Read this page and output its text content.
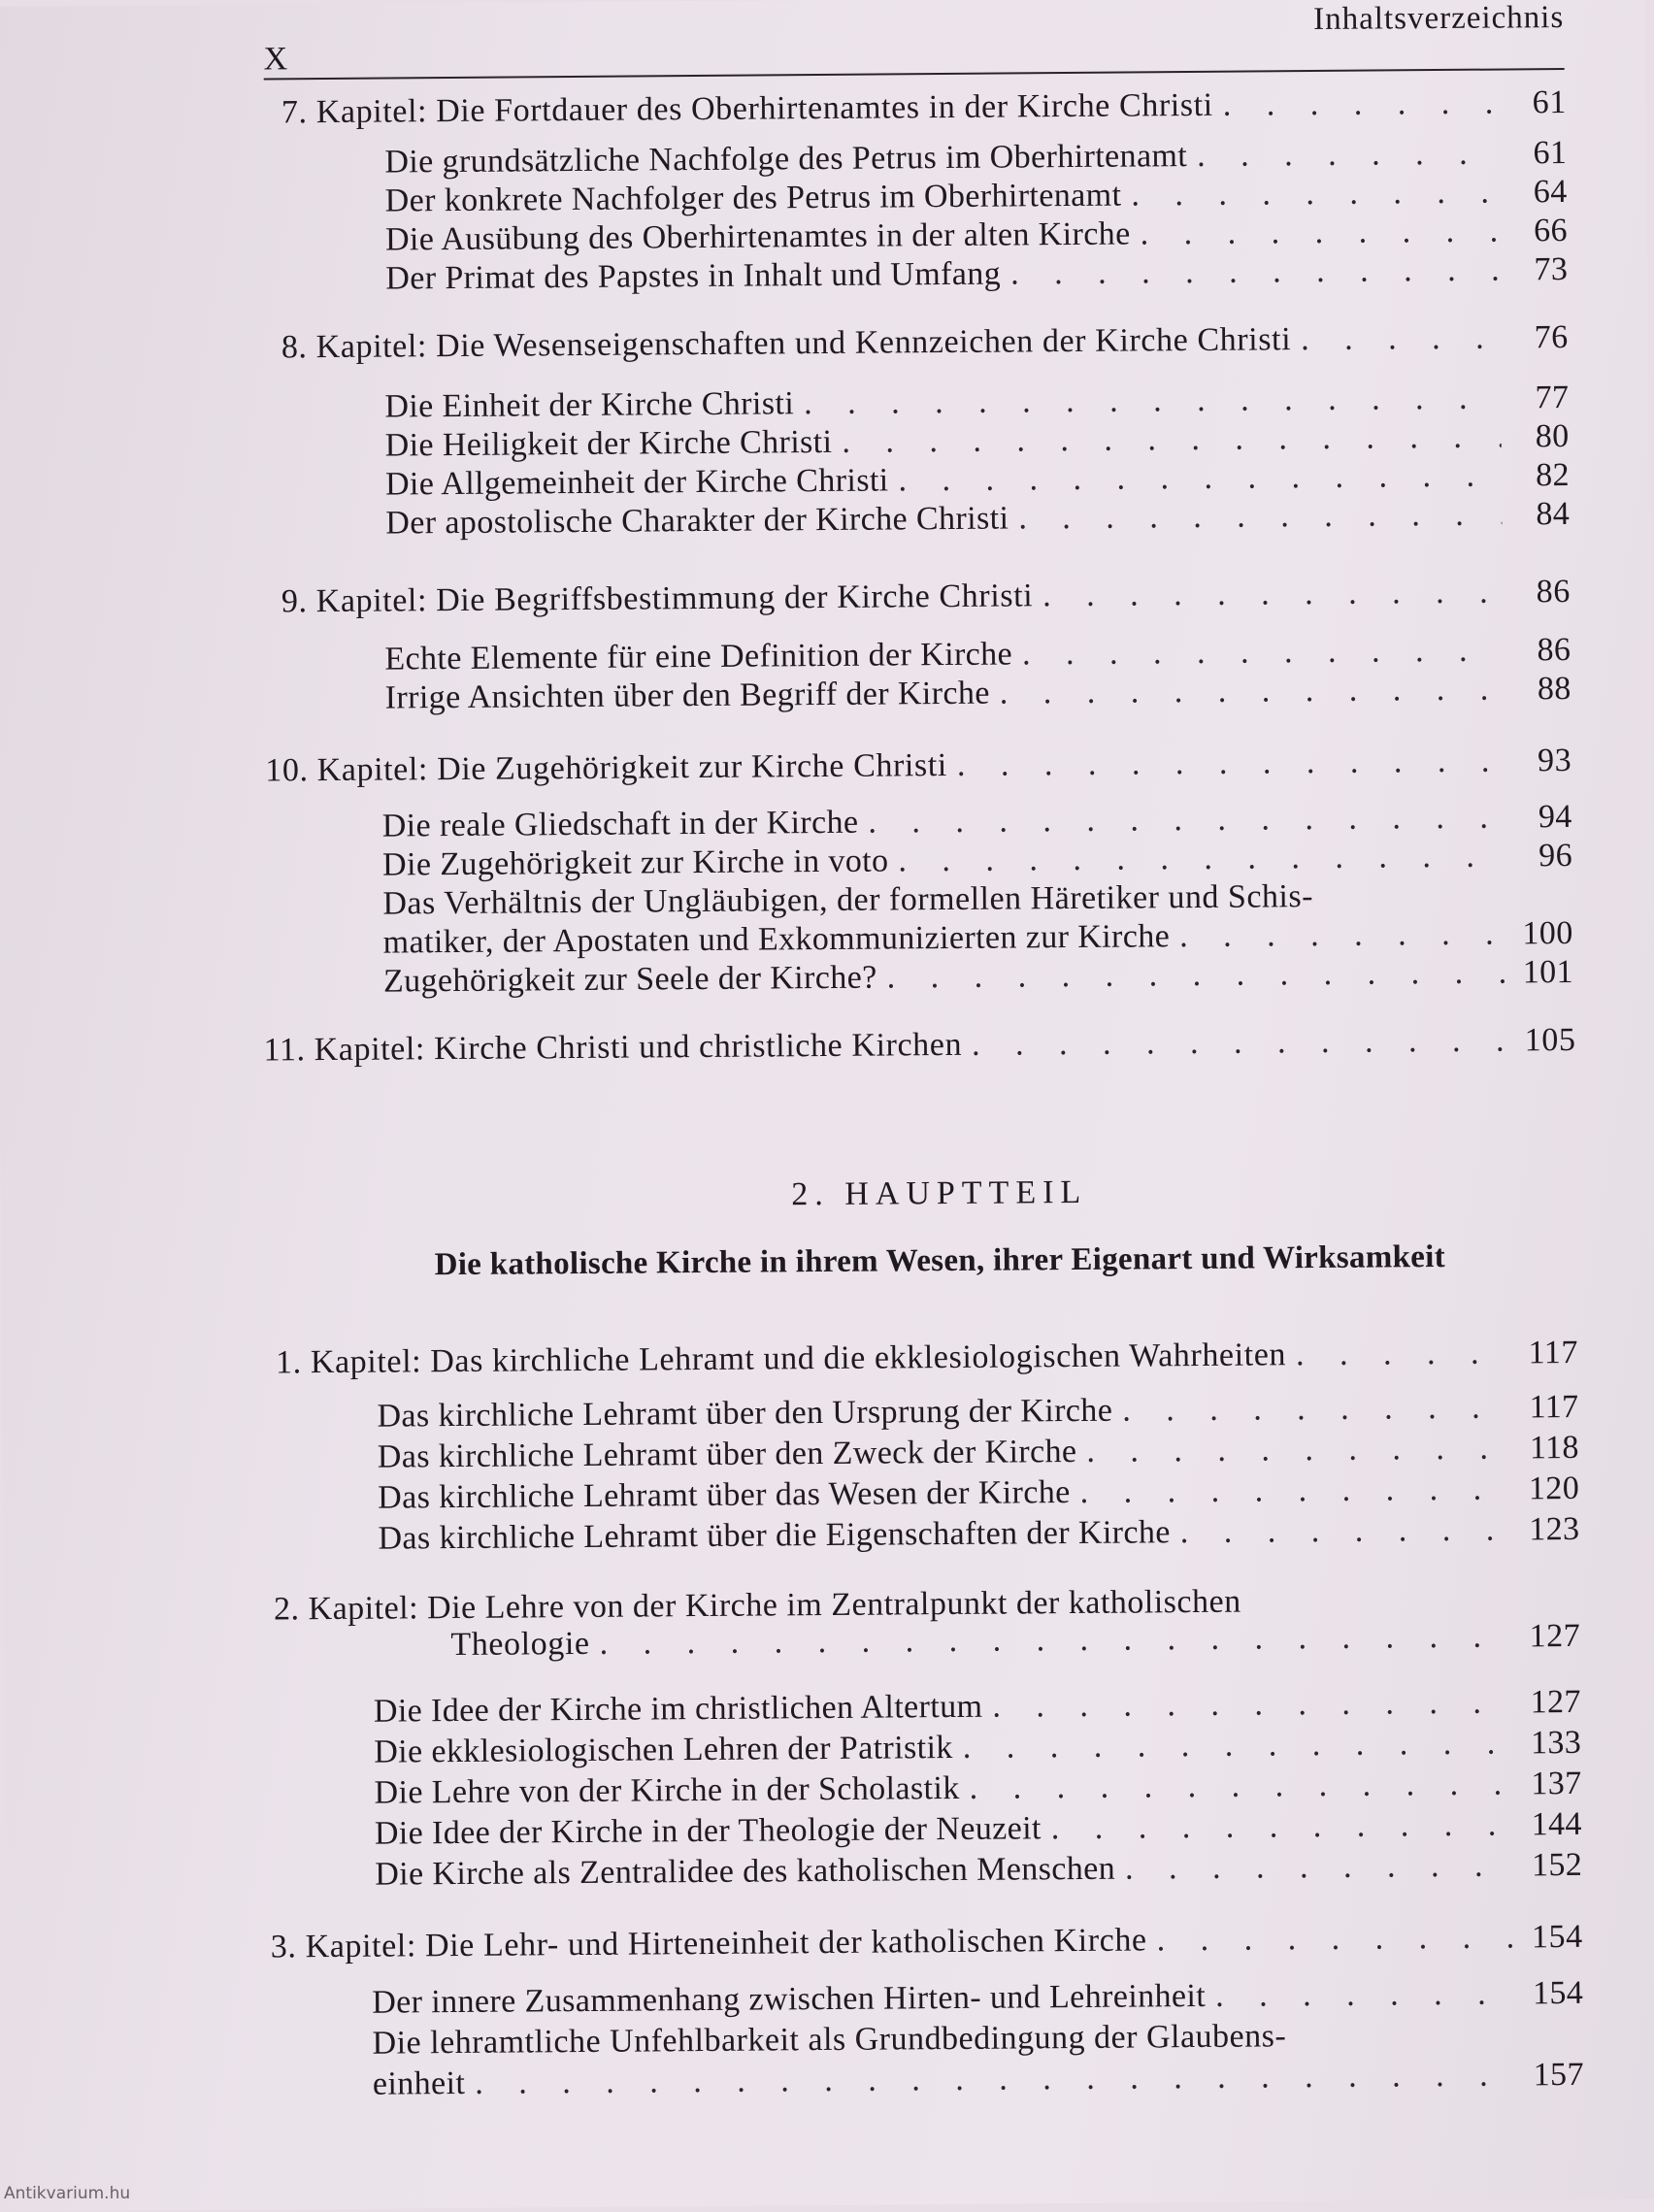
X
Inhaltsverzeichnis
7. Kapitel: Die Fortdauer des Oberhirtenamtes in der Kirche Christi . . .	61
Die grundsätzliche Nachfolge des Petrus im Oberhirtenamt . . .	61
Der konkrete Nachfolger des Petrus im Oberhirtenamt . . .	64
Die Ausübung des Oberhirtenamtes in der alten Kirche . . .	66
Der Primat des Papstes in Inhalt und Umfang . . .	73
8. Kapitel: Die Wesenseigenschaften und Kennzeichen der Kirche Christi . . .	76
Die Einheit der Kirche Christi . . .	77
Die Heiligkeit der Kirche Christi . . .	80
Die Allgemeinheit der Kirche Christi . . .	82
Der apostolische Charakter der Kirche Christi . . .	84
9. Kapitel: Die Begriffsbestimmung der Kirche Christi . . .	86
Echte Elemente für eine Definition der Kirche . . .	86
Irrige Ansichten über den Begriff der Kirche . . .	88
10. Kapitel: Die Zugehörigkeit zur Kirche Christi . . .	93
Die reale Gliedschaft in der Kirche . . .	94
Die Zugehörigkeit zur Kirche in voto . . .	96
Das Verhältnis der Ungläubigen, der formellen Häretiker und Schis-
matiker, der Apostaten und Exkommunizierten zur Kirche . . .	100
Zugehörigkeit zur Seele der Kirche? . . .	101
11. Kapitel: Kirche Christi und christliche Kirchen . . .	105
2. HAUPTTEIL
Die katholische Kirche in ihrem Wesen, ihrer Eigenart und Wirksamkeit
1. Kapitel: Das kirchliche Lehramt und die ekklesiologischen Wahrheiten . . .	117
Das kirchliche Lehramt über den Ursprung der Kirche . . .	117
Das kirchliche Lehramt über den Zweck der Kirche . . .	118
Das kirchliche Lehramt über das Wesen der Kirche . . .	120
Das kirchliche Lehramt über die Eigenschaften der Kirche . . .	123
2. Kapitel: Die Lehre von der Kirche im Zentralpunkt der katholischen
Theologie . . .	127
Die Idee der Kirche im christlichen Altertum . . .	127
Die ekklesiologischen Lehren der Patristik . . .	133
Die Lehre von der Kirche in der Scholastik . . .	137
Die Idee der Kirche in der Theologie der Neuzeit . . .	144
Die Kirche als Zentralidee des katholischen Menschen . . .	152
3. Kapitel: Die Lehr- und Hirteneinheit der katholischen Kirche . . .	154
Der innere Zusammenhang zwischen Hirten- und Lehreinheit . . .	154
Die lehramtliche Unfehlbarkeit als Grundbedingung der Glaubens-
einheit . . .	157
Antikvarium.hu
